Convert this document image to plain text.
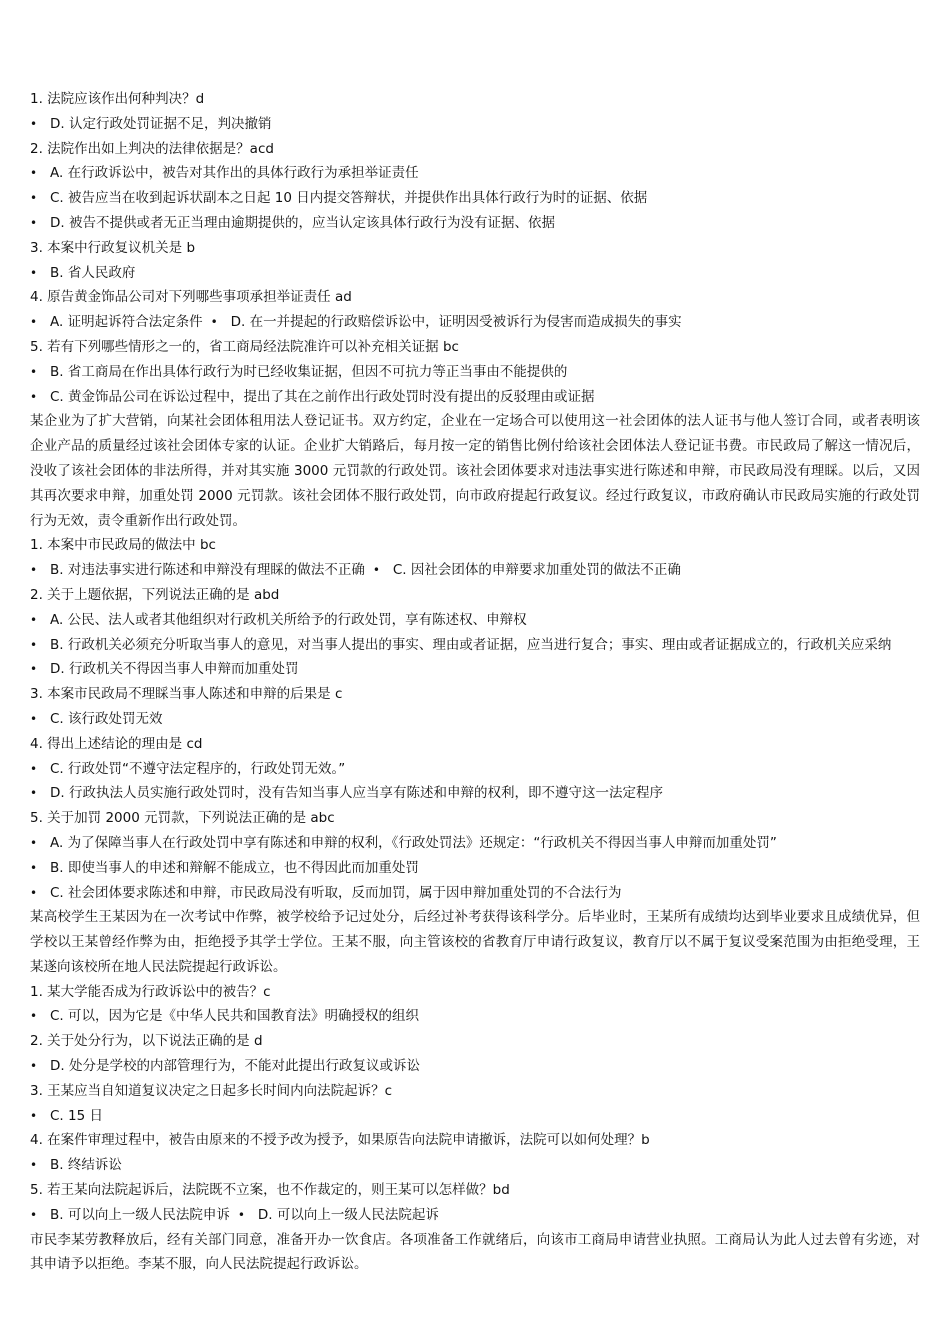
1. 法院应该作出何种判决？d
• D. 认定行政处罚证据不足，判决撤销
2. 法院作出如上判决的法律依据是？acd
• A. 在行政诉讼中，被告对其作出的具体行政行为承担举证责任
• C. 被告应当在收到起诉状副本之日起 10 日内提交答辩状，并提供作出具体行政行为时的证据、依据
• D. 被告不提供或者无正当理由逾期提供的，应当认定该具体行政行为没有证据、依据
3. 本案中行政复议机关是 b
• B. 省人民政府
4. 原告黄金饰品公司对下列哪些事项承担举证责任 ad
• A. 证明起诉符合法定条件 • D. 在一并提起的行政赔偿诉讼中，证明因受被诉行为侵害而造成损失的事实
5. 若有下列哪些情形之一的，省工商局经法院准许可以补充相关证据 bc
• B. 省工商局在作出具体行政行为时已经收集证据，但因不可抗力等正当事由不能提供的
• C. 黄金饰品公司在诉讼过程中，提出了其在之前作出行政处罚时没有提出的反驳理由或证据
某企业为了扩大营销，向某社会团体租用法人登记证书。双方约定，企业在一定场合可以使用这一社会团体的法人证书与他人签订合同，或者表明该企业产品的质量经过该社会团体专家的认证。企业扩大销路后，每月按一定的销售比例付给该社会团体法人登记证书费。市民政局了解这一情况后，没收了该社会团体的非法所得，并对其实施 3000 元罚款的行政处罚。该社会团体要求对违法事实进行陈述和申辩，市民政局没有理睬。以后，又因其再次要求申辩，加重处罚 2000 元罚款。该社会团体不服行政处罚，向市政府提起行政复议。经过行政复议，市政府确认市民政局实施的行政处罚行为无效，责令重新作出行政处罚。
1. 本案中市民政局的做法中 bc
• B. 对违法事实进行陈述和申辩没有理睬的做法不正确 • C. 因社会团体的申辩要求加重处罚的做法不正确
2. 关于上题依据，下列说法正确的是 abd
• A. 公民、法人或者其他组织对行政机关所给予的行政处罚，享有陈述权、申辩权
• B. 行政机关必须充分听取当事人的意见，对当事人提出的事实、理由或者证据，应当进行复合；事实、理由或者证据成立的，行政机关应采纳
• D. 行政机关不得因当事人申辩而加重处罚
3. 本案市民政局不理睬当事人陈述和申辩的后果是 c
• C. 该行政处罚无效
4. 得出上述结论的理由是 cd
• C. 行政处罚“不遵守法定程序的，行政处罚无效。”
• D. 行政执法人员实施行政处罚时，没有告知当事人应当享有陈述和申辩的权利，即不遵守这一法定程序
5. 关于加罚 2000 元罚款，下列说法正确的是 abc
• A. 为了保障当事人在行政处罚中享有陈述和申辩的权利，《行政处罚法》还规定：“行政机关不得因当事人申辩而加重处罚”
• B. 即使当事人的申述和辩解不能成立，也不得因此而加重处罚
• C. 社会团体要求陈述和申辩，市民政局没有听取，反而加罚，属于因申辩加重处罚的不合法行为
某高校学生王某因为在一次考试中作弊，被学校给予记过处分，后经过补考获得该科学分。后毕业时，王某所有成绩均达到毕业要求且成绩优异，但学校以王某曾经作弊为由，拒绝授予其学士学位。王某不服，向主管该校的省教育厅申请行政复议，教育厅以不属于复议受案范围为由拒绝受理，王某遂向该校所在地人民法院提起行政诉讼。
1. 某大学能否成为行政诉讼中的被告？c
• C. 可以，因为它是《中华人民共和国教育法》明确授权的组织
2. 关于处分行为，以下说法正确的是 d
• D. 处分是学校的内部管理行为，不能对此提出行政复议或诉讼
3. 王某应当自知道复议决定之日起多长时间内向法院起诉？c
• C. 15 日
4. 在案件审理过程中，被告由原来的不授予改为授予，如果原告向法院申请撤诉，法院可以如何处理？b
• B. 终结诉讼
5. 若王某向法院起诉后，法院既不立案，也不作裁定的，则王某可以怎样做？bd
• B. 可以向上一级人民法院申诉 • D. 可以向上一级人民法院起诉
市民李某劳教释放后，经有关部门同意，准备开办一饮食店。各项准备工作就绪后，向该市工商局申请营业执照。工商局认为此人过去曾有劣迹，对其申请予以拒绝。李某不服，向人民法院提起行政诉讼。
